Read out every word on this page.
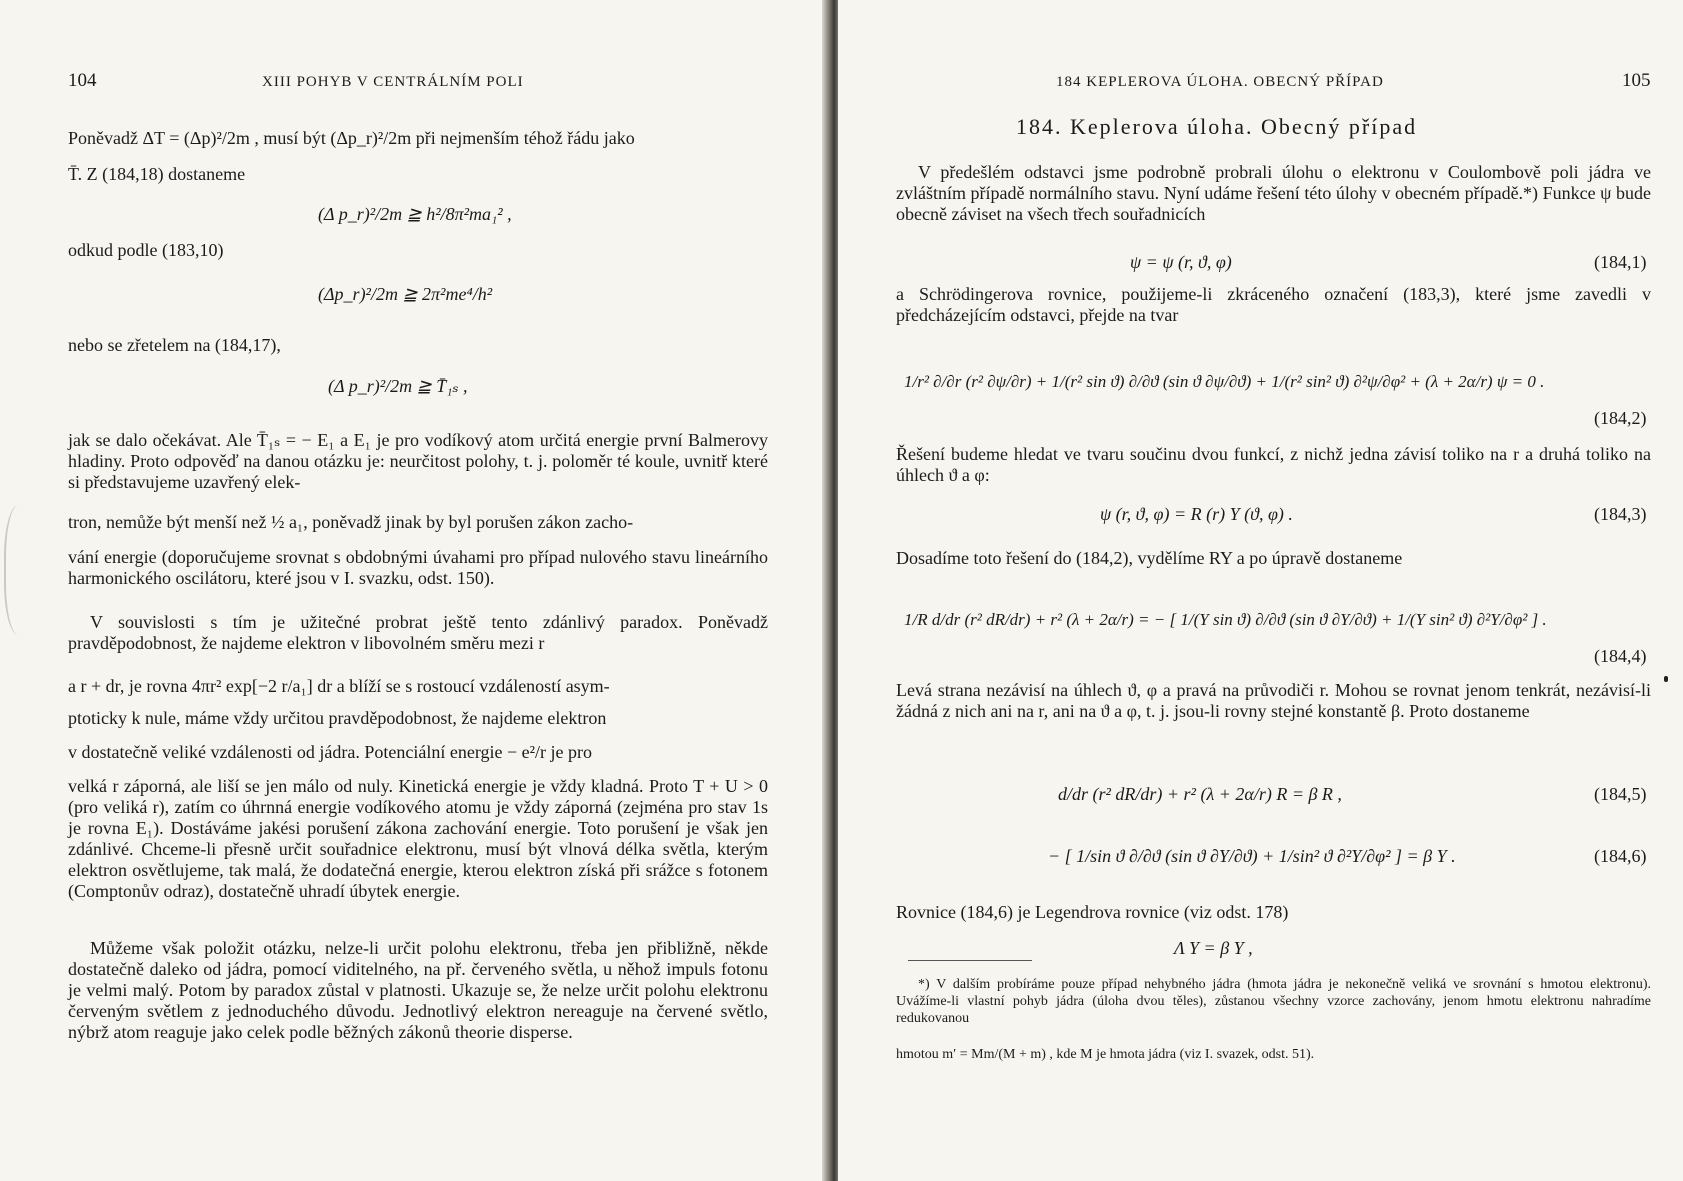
104	XIII POHYB V CENTRÁLNÍM POLI
Poněvadž ΔT = (Δp)²/2m , musí být (Δp_r)²/2m při nejmenším téhož řádu jako
T̄. Z (184,18) dostaneme
(Δ p_r)²/2m ≧ h²/8π²ma₁² ,
odkud podle (183,10)
(Δp_r)²/2m ≧ 2π²me⁴/h²
nebo se zřetelem na (184,17),
(Δ p_r)²/2m ≧ T̄₁ₛ ,
jak se dalo očekávat. Ale T̄₁ₛ = − E₁ a E₁ je pro vodíkový atom určitá energie první Balmerovy hladiny. Proto odpověď na danou otázku je: neurčitost polohy, t. j. poloměr té koule, uvnitř které si představujeme uzavřený elek-
tron, nemůže být menší než ½ a₁, poněvadž jinak by byl porušen zákon zacho-
vání energie (doporučujeme srovnat s obdobnými úvahami pro případ nulového stavu lineárního harmonického oscilátoru, které jsou v I. svazku, odst. 150).
V souvislosti s tím je užitečné probrat ještě tento zdánlivý paradox. Poněvadž pravděpodobnost, že najdeme elektron v libovolném směru mezi r
a r + dr, je rovna 4πr² exp[−2 r/a₁] dr a blíží se s rostoucí vzdáleností asym-
ptoticky k nule, máme vždy určitou pravděpodobnost, že najdeme elektron
v dostatečně veliké vzdálenosti od jádra. Potenciální energie − e²/r je pro
velká r záporná, ale liší se jen málo od nuly. Kinetická energie je vždy kladná. Proto T + U > 0 (pro veliká r), zatím co úhrnná energie vodíkového atomu je vždy záporná (zejména pro stav 1s je rovna E₁). Dostáváme jakési porušení zákona zachování energie. Toto porušení je však jen zdánlivé. Chceme-li přesně určit souřadnice elektronu, musí být vlnová délka světla, kterým elektron osvětlujeme, tak malá, že dodatečná energie, kterou elektron získá při srážce s fotonem (Comptonův odraz), dostatečně uhradí úbytek energie.
Můžeme však položit otázku, nelze-li určit polohu elektronu, třeba jen přibližně, někde dostatečně daleko od jádra, pomocí viditelného, na př. červeného světla, u něhož impuls fotonu je velmi malý. Potom by paradox zůstal v platnosti. Ukazuje se, že nelze určit polohu elektronu červeným světlem z jednoduchého důvodu. Jednotlivý elektron nereaguje na červené světlo, nýbrž atom reaguje jako celek podle běžných zákonů theorie disperse.
184 KEPLEROVA ÚLOHA. OBECNÝ PŘÍPAD	105
184. Keplerova úloha. Obecný případ
V předešlém odstavci jsme podrobně probrali úlohu o elektronu v Coulombově poli jádra ve zvláštním případě normálního stavu. Nyní udáme řešení této úlohy v obecném případě.*) Funkce ψ bude obecně záviset na všech třech souřadnicích
ψ = ψ (r, ϑ, φ)	(184,1)
a Schrödingerova rovnice, použijeme-li zkráceného označení (183,3), které jsme zavedli v předcházejícím odstavci, přejde na tvar
1/r² ∂/∂r (r² ∂ψ/∂r) + 1/(r² sin ϑ) ∂/∂ϑ (sin ϑ ∂ψ/∂ϑ) + 1/(r² sin² ϑ) ∂²ψ/∂φ² + (λ + 2α/r) ψ = 0 .
(184,2)
Řešení budeme hledat ve tvaru součinu dvou funkcí, z nichž jedna závisí toliko na r a druhá toliko na úhlech ϑ a φ:
ψ (r, ϑ, φ) = R (r) Y (ϑ, φ) .	(184,3)
Dosadíme toto řešení do (184,2), vydělíme RY a po úpravě dostaneme
1/R d/dr (r² dR/dr) + r² (λ + 2α/r) = − [ 1/(Y sin ϑ) ∂/∂ϑ (sin ϑ ∂Y/∂ϑ) + 1/(Y sin² ϑ) ∂²Y/∂φ² ] .
(184,4)
Levá strana nezávisí na úhlech ϑ, φ a pravá na průvodiči r. Mohou se rovnat jenom tenkrát, nezávisí-li žádná z nich ani na r, ani na ϑ a φ, t. j. jsou-li rovny stejné konstantě β. Proto dostaneme
d/dr (r² dR/dr) + r² (λ + 2α/r) R = β R ,	(184,5)
− [ 1/sin ϑ ∂/∂ϑ (sin ϑ ∂Y/∂ϑ) + 1/sin² ϑ ∂²Y/∂φ² ] = β Y .	(184,6)
Rovnice (184,6) je Legendrova rovnice (viz odst. 178)
Λ Y = β Y ,
*) V dalším probíráme pouze případ nehybného jádra (hmota jádra je nekonečně veliká ve srovnání s hmotou elektronu). Uvážíme-li vlastní pohyb jádra (úloha dvou těles), zůstanou všechny vzorce zachovány, jenom hmotu elektronu nahradíme redukovanou
hmotou m′ = Mm/(M + m) , kde M je hmota jádra (viz I. svazek, odst. 51).
